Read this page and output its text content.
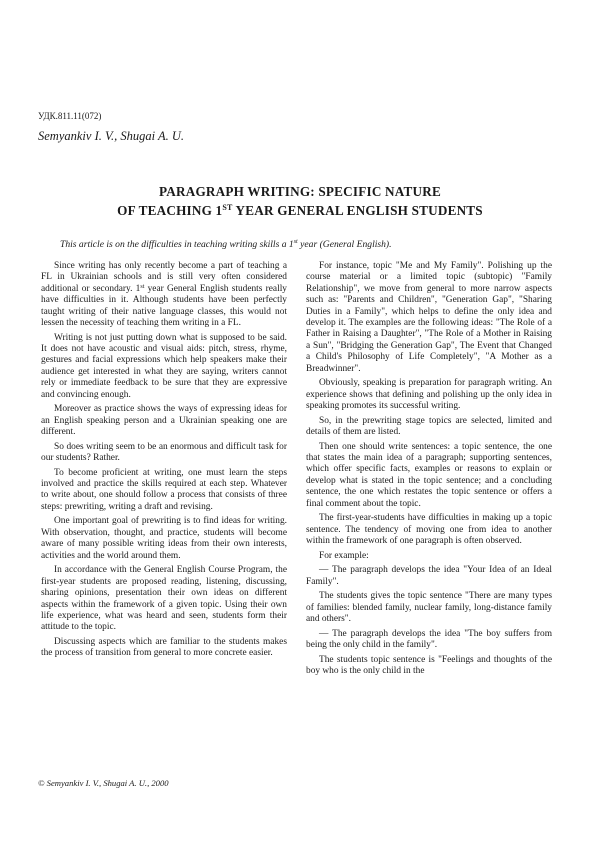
УДК.811.11(072)
Semyankiv I. V., Shugai A. U.
PARAGRAPH WRITING: SPECIFIC NATURE
OF TEACHING 1ST YEAR GENERAL ENGLISH STUDENTS
This article is on the difficulties in teaching writing skills a 1st year (General English).

Since writing has only recently become a part of teaching a FL in Ukrainian schools and is still very often considered additional or secondary. 1st year General English students really have difficulties in it. Although students have been perfectly taught writing of their native language classes, this would not lessen the necessity of teaching them writing in a FL.

Writing is not just putting down what is supposed to be said. It does not have acoustic and visual aids: pitch, stress, rhyme, gestures and facial expressions which help speakers make their audience get interested in what they are saying, writers cannot rely or immediate feedback to be sure that they are expressive and convincing enough.

Moreover as practice shows the ways of expressing ideas for an English speaking person and a Ukrainian speaking one are different.

So does writing seem to be an enormous and difficult task for our students? Rather.

To become proficient at writing, one must learn the steps involved and practice the skills required at each step. Whatever to write about, one should follow a process that consists of three steps: prewriting, writing a draft and revising.

One important goal of prewriting is to find ideas for writing. With observation, thought, and practice, students will become aware of many possible writing ideas from their own interests, activities and the world around them.

In accordance with the General English Course Program, the first-year students are proposed reading, listening, discussing, sharing opinions, presentation their own ideas on different aspects within the framework of a given topic. Using their own life experience, what was heard and seen, students form their attitude to the topic.

Discussing aspects which are familiar to the students makes the process of transition from general to more concrete easier.

For instance, topic "Me and My Family". Polishing up the course material or a limited topic (subtopic) "Family Relationship", we move from general to more narrow aspects such as: "Parents and Children", "Generation Gap", "Sharing Duties in a Family", which helps to define the only idea and develop it. The examples are the following ideas: "The Role of a Father in Raising a Daughter", "The Role of a Mother in Raising a Sun", "Bridging the Generation Gap", The Event that Changed a Child's Philosophy of Life Completely", "A Mother as a Breadwinner".

Obviously, speaking is preparation for paragraph writing. An experience shows that defining and polishing up the only idea in speaking promotes its successful writing.

So, in the prewriting stage topics are selected, limited and details of them are listed.

Then one should write sentences: a topic sentence, the one that states the main idea of a paragraph; supporting sentences, which offer specific facts, examples or reasons to explain or develop what is stated in the topic sentence; and a concluding sentence, the one which restates the topic sentence or offers a final comment about the topic.

The first-year-students have difficulties in making up a topic sentence. The tendency of moving one from idea to another within the framework of one paragraph is often observed.

For example:

— The paragraph develops the idea "Your Idea of an Ideal Family".

The students gives the topic sentence "There are many types of families: blended family, nuclear family, long-distance family and others".

— The paragraph develops the idea "The boy suffers from being the only child in the family".

The students topic sentence is "Feelings and thoughts of the boy who is the only child in the

© Semyankiv I. V., Shugai A. U., 2000
